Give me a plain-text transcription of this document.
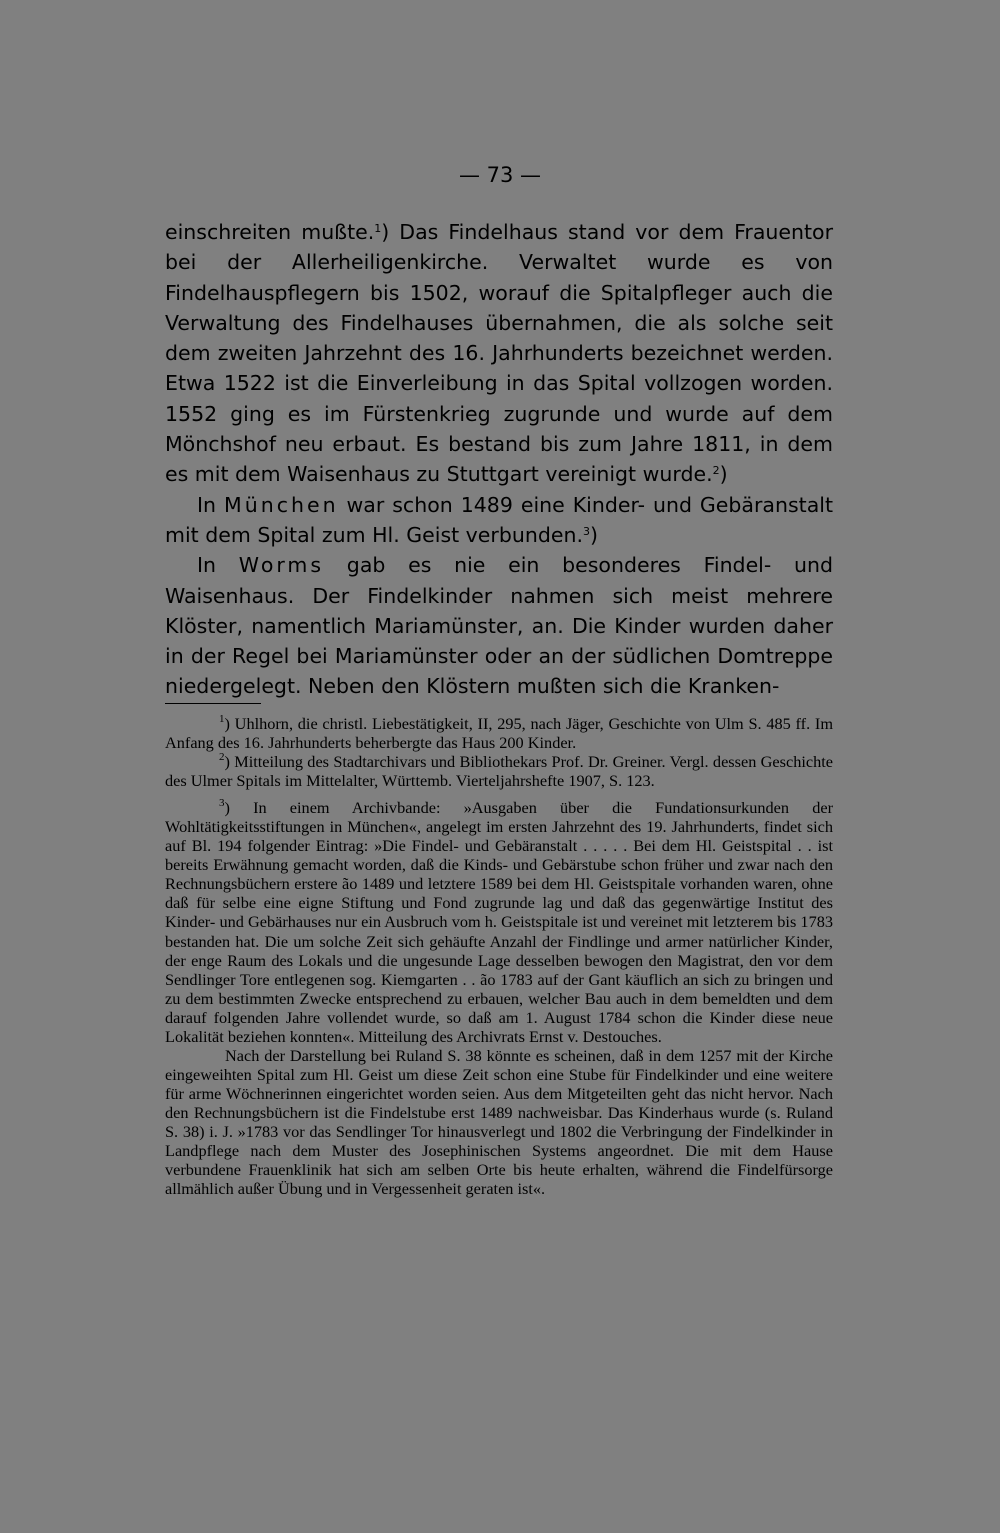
— 73 —

einschreiten mußte.$^1$) Das Findelhaus stand vor dem Frauentor bei der Allerheiligenkirche. Verwaltet wurde es von Findelhauspflegern bis 1502, worauf die Spitalpfleger auch die Verwaltung des Findelhauses übernahmen, die als solche seit dem zweiten Jahrzehnt des 16. Jahrhunderts bezeichnet werden. Etwa 1522 ist die Einverleibung in das Spital vollzogen worden. 1552 ging es im Fürstenkrieg zugrunde und wurde auf dem Mönchshof neu erbaut. Es bestand bis zum Jahre 1811, in dem es mit dem Waisenhaus zu Stuttgart vereinigt wurde.$^2$)

In München war schon 1489 eine Kinder- und Gebäranstalt mit dem Spital zum Hl. Geist verbunden.$^3$)

In Worms gab es nie ein besonderes Findel- und Waisenhaus. Der Findelkinder nahmen sich meist mehrere Klöster, namentlich Mariamünster, an. Die Kinder wurden daher in der Regel bei Mariamünster oder an der südlichen Domtreppe niedergelegt. Neben den Klöstern mußten sich die Kranken-

$^1$) Uhlhorn, die christl. Liebestätigkeit, II, 295, nach Jäger, Geschichte von Ulm S. 485 ff. Im Anfang des 16. Jahrhunderts beherbergte das Haus 200 Kinder.

$^2$) Mitteilung des Stadtarchivars und Bibliothekars Prof. Dr. Greiner. Vergl. dessen Geschichte des Ulmer Spitals im Mittelalter, Württemb. Vierteljahrshefte 1907, S. 123.

$^3$) In einem Archivbande: »Ausgaben über die Fundationsurkunden der Wohltätigkeitsstiftungen in München«, angelegt im ersten Jahrzehnt des 19. Jahrhunderts, findet sich auf Bl. 194 folgender Eintrag: »Die Findel- und Gebäranstalt . . . . . Bei dem Hl. Geistspital . . ist bereits Erwähnung gemacht worden, daß die Kinds- und Gebärstube schon früher und zwar nach den Rechnungsbüchern erstere ão 1489 und letztere 1589 bei dem Hl. Geistspitale vorhanden waren, ohne daß für selbe eine eigne Stiftung und Fond zugrunde lag und daß das gegenwärtige Institut des Kinder- und Gebärhauses nur ein Ausbruch vom h. Geistspitale ist und vereinet mit letzterem bis 1783 bestanden hat. Die um solche Zeit sich gehäufte Anzahl der Findlinge und armer natürlicher Kinder, der enge Raum des Lokals und die ungesunde Lage desselben bewogen den Magistrat, den vor dem Sendlinger Tore entlegenen sog. Kiemgarten . . ão 1783 auf der Gant käuflich an sich zu bringen und zu dem bestimmten Zwecke entsprechend zu erbauen, welcher Bau auch in dem bemeldten und dem darauf folgenden Jahre vollendet wurde, so daß am 1. August 1784 schon die Kinder diese neue Lokalität beziehen konnten«. Mitteilung des Archivrats Ernst v. Destouches.

Nach der Darstellung bei Ruland S. 38 könnte es scheinen, daß in dem 1257 mit der Kirche eingeweihten Spital zum Hl. Geist um diese Zeit schon eine Stube für Findelkinder und eine weitere für arme Wöchnerinnen eingerichtet worden seien. Aus dem Mitgeteilten geht das nicht hervor. Nach den Rechnungsbüchern ist die Findelstube erst 1489 nachweisbar. Das Kinderhaus wurde (s. Ruland S. 38) i. J. »1783 vor das Sendlinger Tor hinausverlegt und 1802 die Verbringung der Findelkinder in Landpflege nach dem Muster des Josephinischen Systems angeordnet. Die mit dem Hause verbundene Frauenklinik hat sich am selben Orte bis heute erhalten, während die Findelfürsorge allmählich außer Übung und in Vergessenheit geraten ist«.
